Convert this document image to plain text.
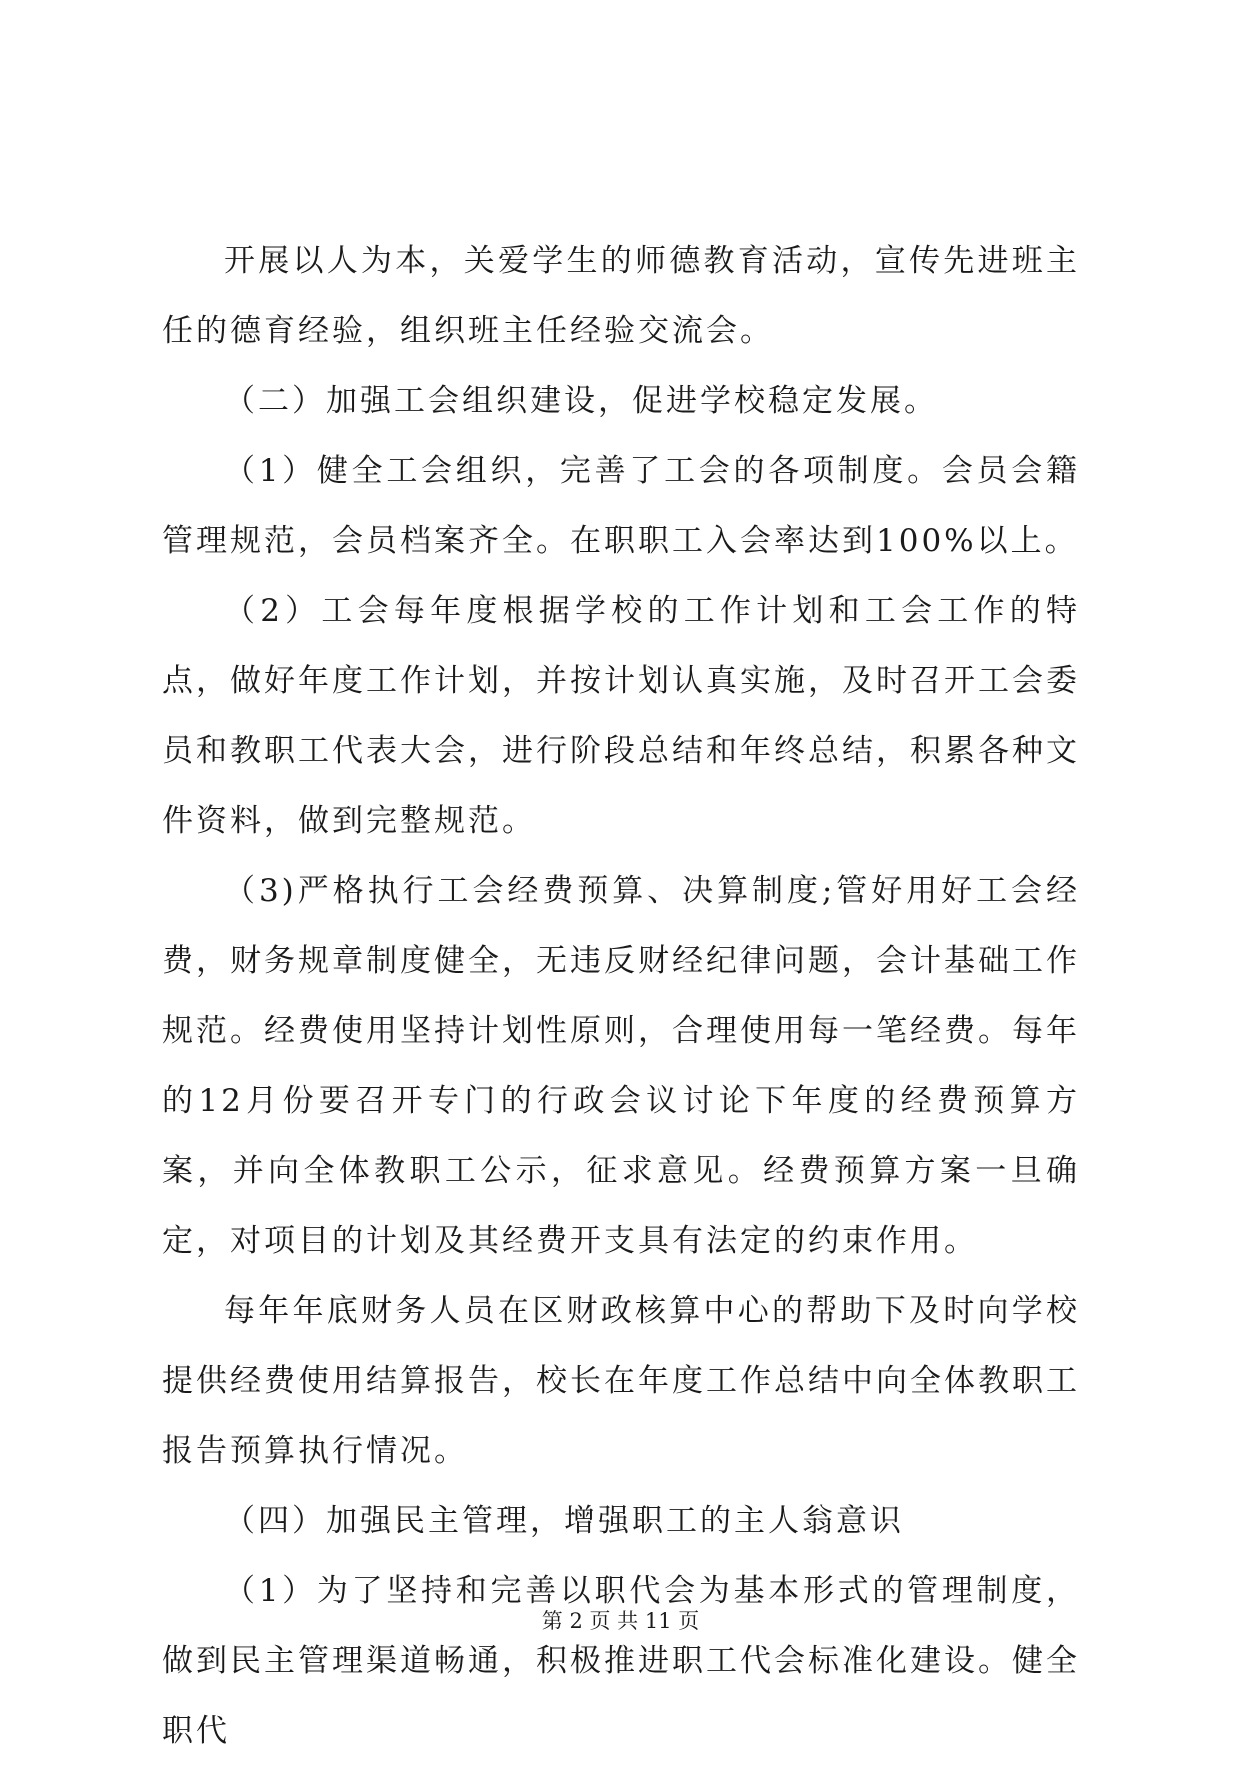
开展以人为本，关爱学生的师德教育活动，宣传先进班主任的德育经验，组织班主任经验交流会。

（二）加强工会组织建设，促进学校稳定发展。

（1）健全工会组织，完善了工会的各项制度。会员会籍管理规范，会员档案齐全。在职职工入会率达到100%以上。

（2）工会每年度根据学校的工作计划和工会工作的特点，做好年度工作计划，并按计划认真实施，及时召开工会委员和教职工代表大会，进行阶段总结和年终总结，积累各种文件资料，做到完整规范。

（3)严格执行工会经费预算、决算制度;管好用好工会经费，财务规章制度健全，无违反财经纪律问题，会计基础工作规范。经费使用坚持计划性原则，合理使用每一笔经费。每年的12月份要召开专门的行政会议讨论下年度的经费预算方案，并向全体教职工公示，征求意见。经费预算方案一旦确定，对项目的计划及其经费开支具有法定的约束作用。

每年年底财务人员在区财政核算中心的帮助下及时向学校提供经费使用结算报告，校长在年度工作总结中向全体教职工报告预算执行情况。

（四）加强民主管理，增强职工的主人翁意识

（1）为了坚持和完善以职代会为基本形式的管理制度，做到民主管理渠道畅通，积极推进职工代会标准化建设。健全职代

第 2 页 共 11 页
